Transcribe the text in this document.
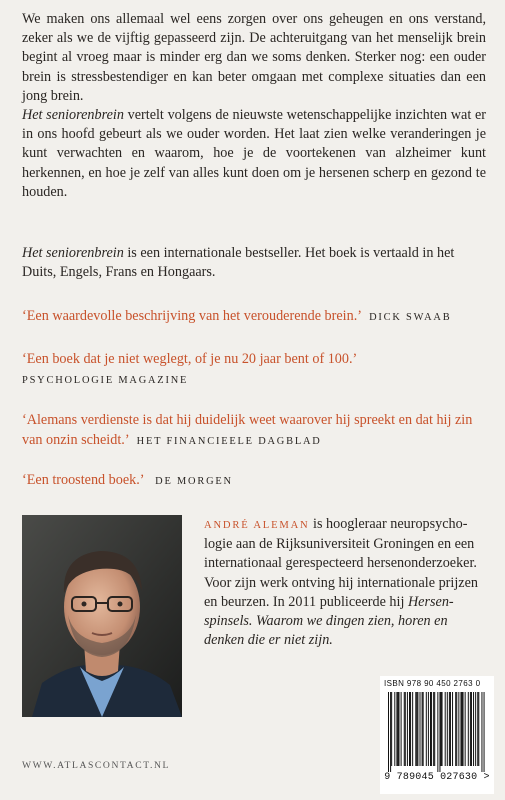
We maken ons allemaal wel eens zorgen over ons geheugen en ons verstand, zeker als we de vijftig gepasseerd zijn. De achteruitgang van het menselijk brein begint al vroeg maar is minder erg dan we soms denken. Sterker nog: een ouder brein is stressbestendiger en kan beter omgaan met complexe situaties dan een jong brein.

Het seniorenbrein vertelt volgens de nieuwste wetenschappelijke inzichten wat er in ons hoofd gebeurt als we ouder worden. Het laat zien welke veranderingen je kunt verwachten en waarom, hoe je de voortekenen van alzheimer kunt herkennen, en hoe je zelf van alles kunt doen om je hersenen scherp en gezond te houden.

Het seniorenbrein is een internationale bestseller. Het boek is vertaald in het Duits, Engels, Frans en Hongaars.

‘Een waardevolle beschrijving van het verouderende brein.’ DICK SWAAB

‘Een boek dat je niet weglegt, of je nu 20 jaar bent of 100.’
PSYCHOLOGIE MAGAZINE

‘Alemans verdienste is dat hij duidelijk weet waarover hij spreekt en dat hij zin van onzin scheidt.’ HET FINANCIEELE DAGBLAD

‘Een troostend boek.’ DE MORGEN

ANDRÉ ALEMAN is hoogleraar neuropsychologie aan de Rijksuniversiteit Groningen en een internationaal gerespecteerd hersenonderzoeker. Voor zijn werk ontving hij internationale prijzen en beurzen. In 2011 publiceerde hij Hersenspinsels. Waarom we dingen zien, horen en denken die er niet zijn.

WWW.ATLASCONTACT.NL
ISBN 978 90 450 2763 0
9 789045 027630 >
